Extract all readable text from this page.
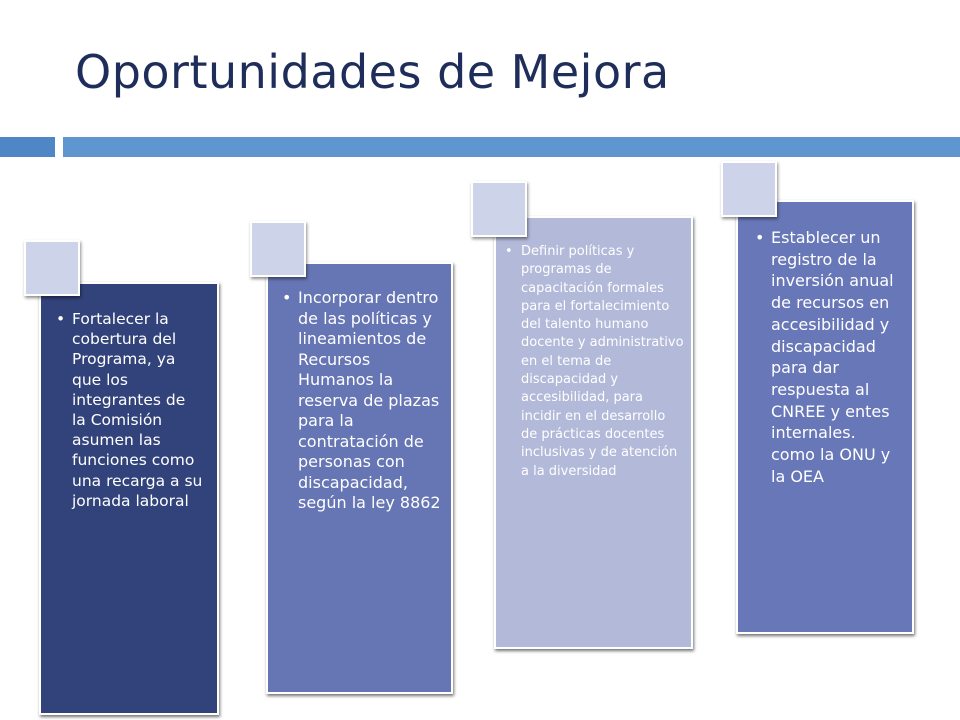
Oportunidades de Mejora
• Fortalecer la cobertura del Programa, ya que los integrantes de la Comisión asumen las funciones como una recarga a su jornada laboral
• Incorporar dentro de las políticas y lineamientos de Recursos Humanos la reserva de plazas para la contratación de personas con discapacidad, según la ley 8862
• Definir políticas y programas de capacitación formales para el fortalecimiento del talento humano docente y administrativo en el tema de discapacidad y accesibilidad, para incidir en el desarrollo de prácticas docentes inclusivas y de atención a la diversidad
• Establecer un registro de la inversión anual de recursos en accesibilidad y discapacidad para dar respuesta al CNREE y entes internales. como la ONU y la OEA
